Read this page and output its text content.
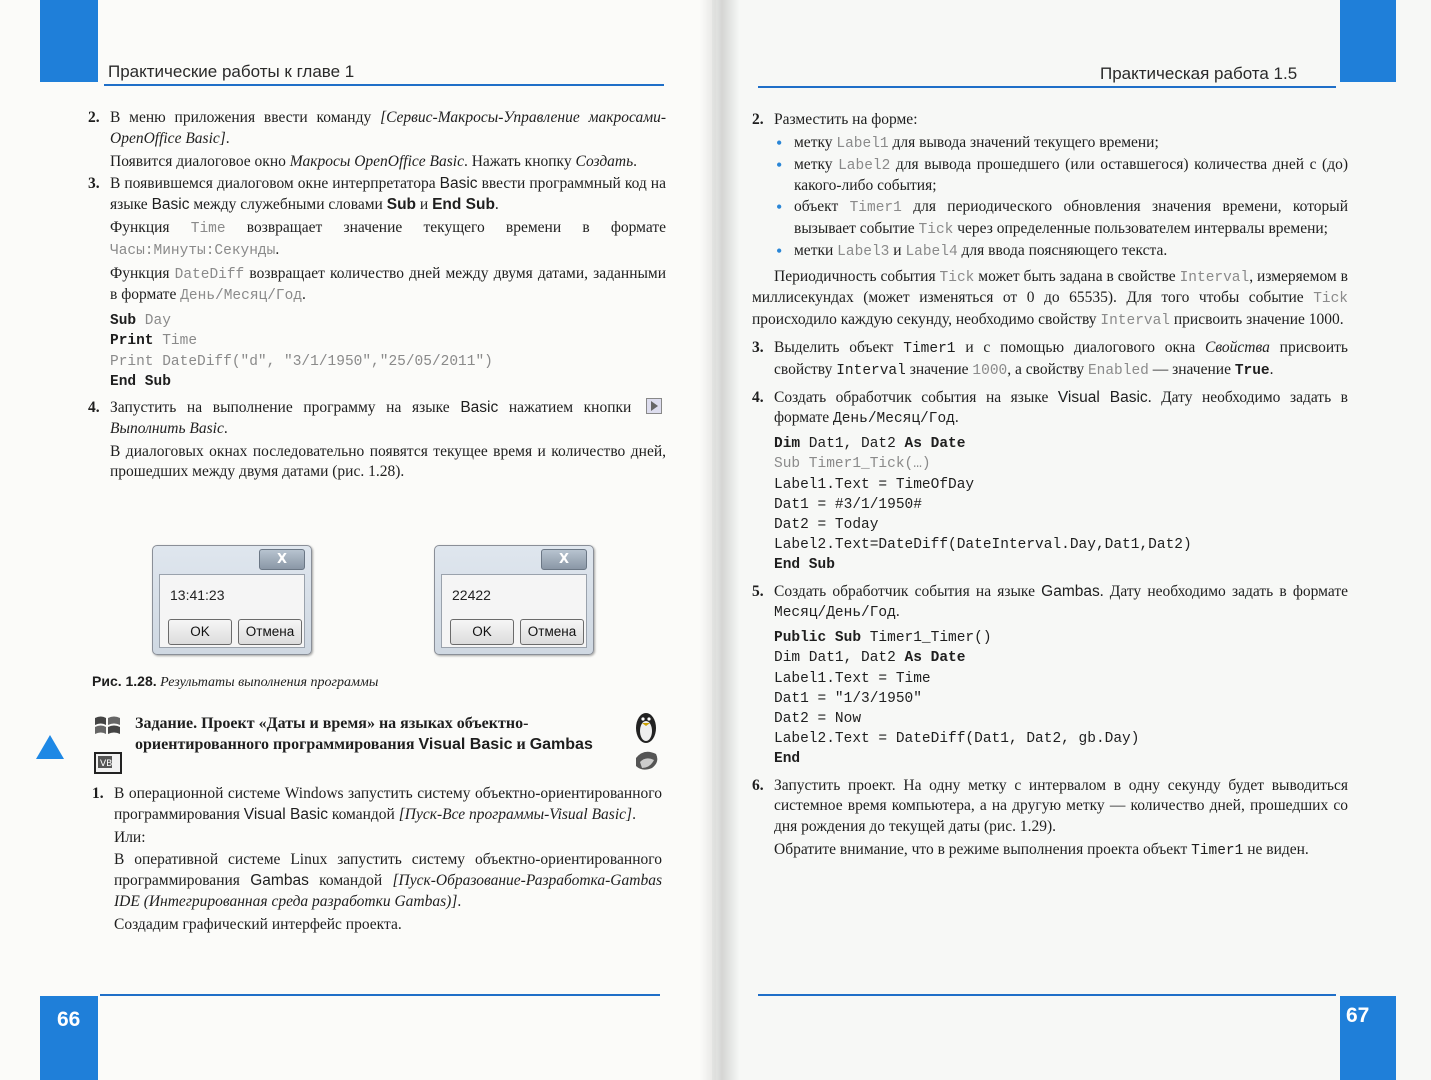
Практические работы к главе 1	Практическая работа 1.5
2. В меню приложения ввести команду [Сервис-Макросы-Управление макросами-OpenOffice Basic].

Появится диалоговое окно Макросы OpenOffice Basic. Нажать кнопку Создать.

3. В появившемся диалоговом окне интерпретатора Basic ввести программный код на языке Basic между служебными словами Sub и End Sub.

Функция Time возвращает значение текущего времени в формате Часы:Минуты:Секунды.

Функция DateDiff возвращает количество дней между двумя датами, заданными в формате День/Месяц/Год.

Sub Day
Print Time
Print DateDiff("d", "3/1/1950","25/05/2011")
End Sub
4. Запустить на выполнение программу на языке Basic нажатием кнопки
Выполнить Basic.

В диалоговых окнах последовательно появятся текущее время и количество дней, прошедших между двумя датами (рис. 1.28).

X
13:41:23
OK	Отмена
X
22422
OK	Отмена
Рис. 1.28. Результаты выполнения программы
VB
Задание. Проект «Даты и время» на языках объектно-ориентированного программирования Visual Basic и Gambas
1. В операционной системе Windows запустить систему объектно-ориентированного программирования Visual Basic командой [Пуск-Все программы-Visual Basic].

Или:

В оперативной системе Linux запустить систему объектно-ориентированного программирования Gambas командой [Пуск-Образование-Разработка-Gambas IDE (Интегрированная среда разработки Gambas)].

Создадим графический интерфейс проекта.

66
2. Разместить на форме:

• метку Label1 для вывода значений текущего времени;
• метку Label2 для вывода прошедшего (или оставшегося) количества дней с (до) какого-либо события;
• объект Timer1 для периодического обновления значения времени, который вызывает событие Tick через определенные пользователем интервалы времени;
• метки Label3 и Label4 для ввода поясняющего текста.

Периодичность события Tick может быть задана в свойстве Interval, измеряемом в миллисекундах (может изменяться от 0 до 65535). Для того чтобы событие Tick происходило каждую секунду, необходимо свойству Interval присвоить значение 1000.

3. Выделить объект Timer1 и с помощью диалогового окна Свойства присвоить свойству Interval значение 1000, а свойству Enabled — значение True.

4. Создать обработчик события на языке Visual Basic. Дату необходимо задать в формате День/Месяц/Год.

Dim Dat1, Dat2 As Date
Sub Timer1_Tick(…)
Label1.Text = TimeOfDay
Dat1 = #3/1/1950#
Dat2 = Today
Label2.Text=DateDiff(DateInterval.Day,Dat1,Dat2)
End Sub
5. Создать обработчик события на языке Gambas. Дату необходимо задать в формате Месяц/День/Год.

Public Sub Timer1_Timer()
Dim Dat1, Dat2 As Date
Label1.Text = Time
Dat1 = "1/3/1950"
Dat2 = Now
Label2.Text = DateDiff(Dat1, Dat2, gb.Day)
End
6. Запустить проект. На одну метку с интервалом в одну секунду будет выводиться системное время компьютера, а на другую метку — количество дней, прошедших со дня рождения до текущей даты (рис. 1.29).

Обратите внимание, что в режиме выполнения проекта объект Timer1 не виден.

67
